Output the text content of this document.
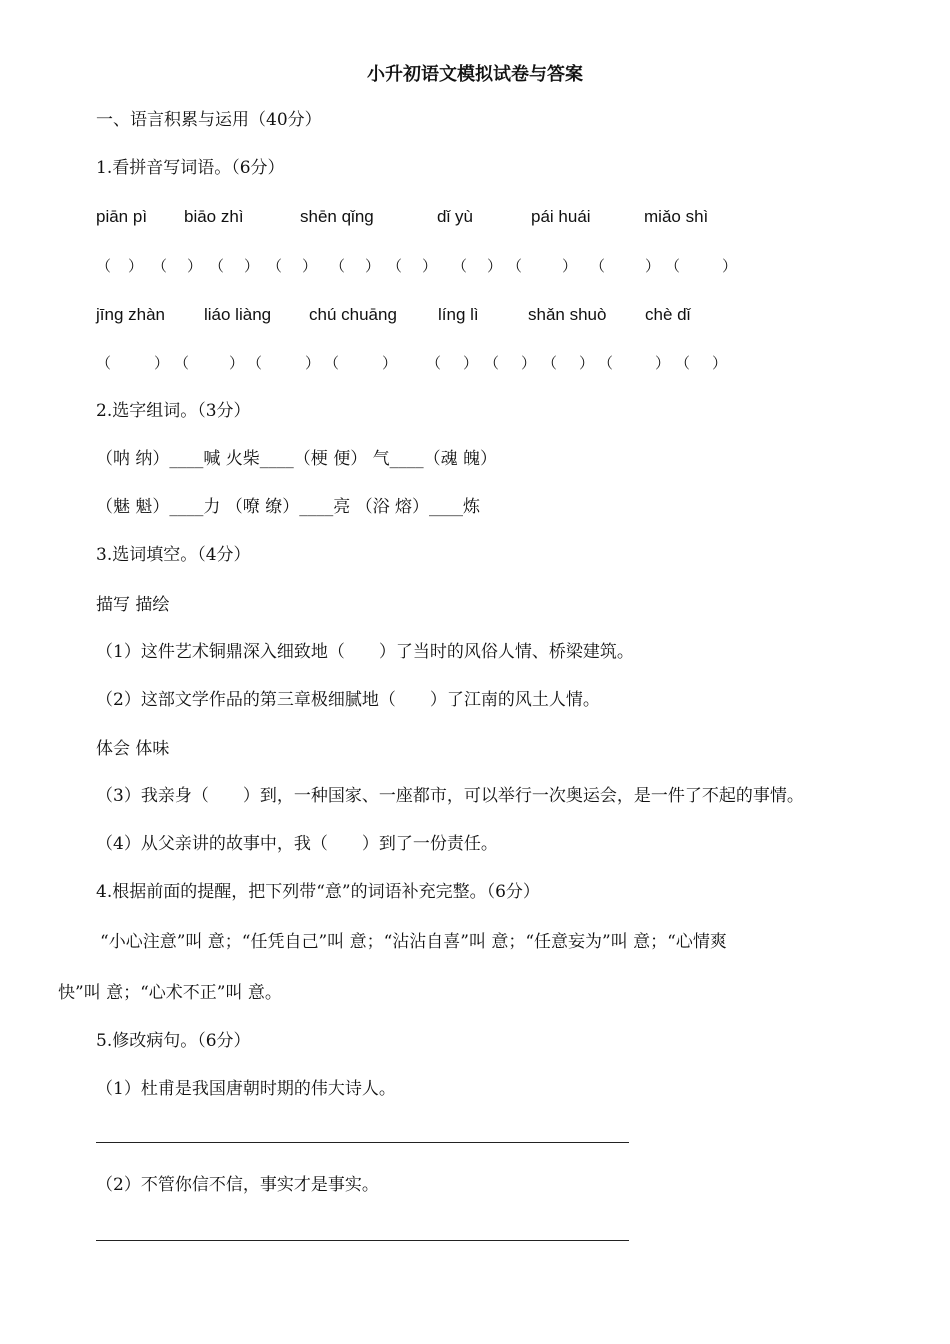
小升初语文模拟试卷与答案
一、语言积累与运用（40分）
1.看拼音写词语。（6分）
piān pì biāo zhì	shēn qǐng	dǐ yù	pái huái	miǎo shì
（ ） （ ） （ ） （ ） （ ） （ ） （ ） （	） （	） （	）
jīng zhàn liáo liàng chú chuāng líng lì	shǎn shuò chè dǐ
（	） （	） （	） （	） （ ） （ ） （ ） （	） （ ）
2.选字组词。（3分）
（呐 纳）____喊 火柴____（梗 便） 气____（魂 魄）
（魅 魁）____力 （嘹 缭）____亮 （浴 熔）____炼
3.选词填空。（4分）
描写 描绘
（1）这件艺术铜鼎深入细致地（　　）了当时的风俗人情、桥梁建筑。
（2）这部文学作品的第三章极细腻地（　　）了江南的风土人情。
体会 体味
（3）我亲身（　　）到，一种国家、一座都市，可以举行一次奥运会，是一件了不起的事情。
（4）从父亲讲的故事中，我（　　）到了一份责任。
4.根据前面的提醒，把下列带“意”的词语补充完整。（6分）
“小心注意”叫 意；“任凭自己”叫 意；“沾沾自喜”叫 意；“任意妄为”叫 意；“心情爽
快”叫 意；“心术不正”叫 意。
5.修改病句。（6分）
（1）杜甫是我国唐朝时期的伟大诗人。
（2）不管你信不信，事实才是事实。
